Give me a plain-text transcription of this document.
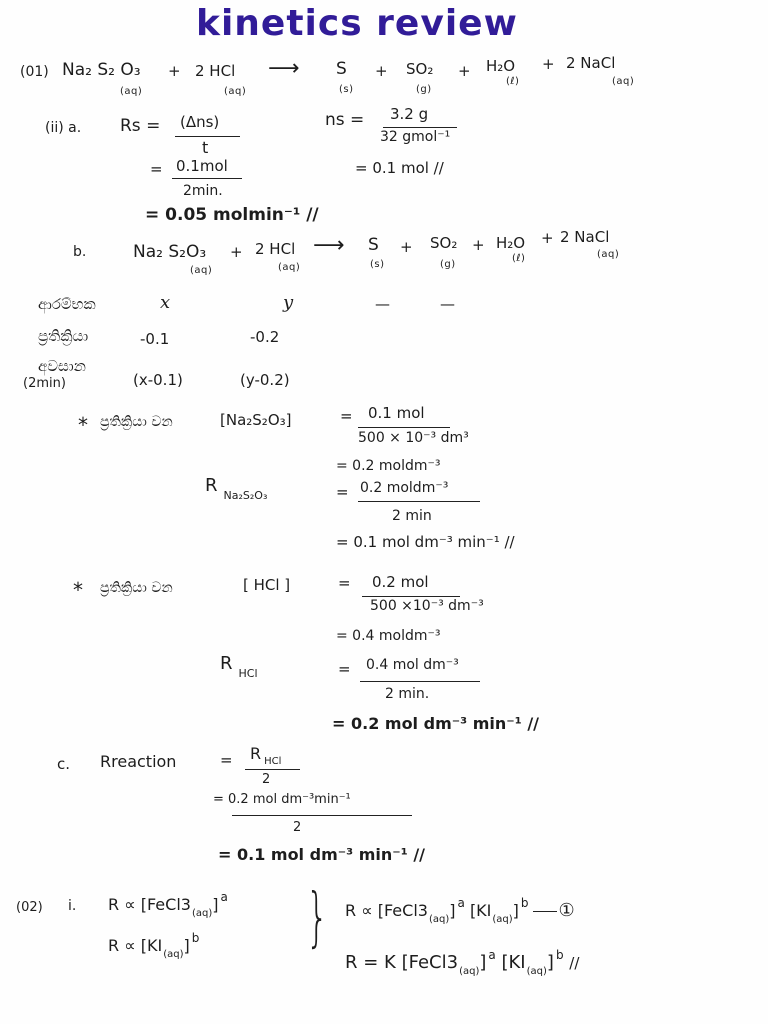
kinetics review
(01) Na₂ S₂ O₃
(aq)
+ 2 HCl
(aq)
⟶ S
(s)
+ SO₂
(g)
+ H₂O
(ℓ)
+ 2 NaCl
(aq)
(ii) a. Rs = (Δns)
t
ns = 3.2 g
32 gmol⁻¹
= 0.1mol
2min.
= 0.1 mol //
= 0.05 molmin⁻¹ //
b.	Na₂ S₂O₃
(aq)
+ 2 HCl
(aq)
⟶ S
(s)
+ SO₂
(g)
+ H₂O
(ℓ)
+ 2 NaCl
(aq)
ආරම්භක	x	y	—	—
ප්‍රතික්‍රියා	-0.1	-0.2
අවසාන
(2min)	(x-0.1)	(y-0.2)
* ප්‍රතික්‍රියා වන	[Na₂S₂O₃]	= 0.1 mol
500 × 10⁻³ dm³
= 0.2 moldm⁻³
R $_{Na_2S_2O_3}$	= 0.2 moldm⁻³
2 min
= 0.1 mol dm⁻³ min⁻¹ //
* ප්‍රතික්‍රියා වන	[ HCl ]	= 0.2 mol
500 ×10⁻³ dm⁻³
= 0.4 moldm⁻³
R $_{HCl}$	= 0.4 mol dm⁻³
2 min.
= 0.2 mol dm⁻³ min⁻¹ //
c. Rreaction	= R $_{HCl}$
2
= 0.2 mol dm⁻³min⁻¹
2
= 0.1 mol dm⁻³ min⁻¹ //
(02) i. $R \propto [FeCl3_{(aq)}]$ $^a$
$R \propto [KI_{(aq)}]$ $^b$ } $R \propto [FeCl3_{(aq)}]$ $^a$ $[KI_{(aq)}]$ $^b$ ①
R = K $[FeCl3_{(aq)}]$ $^a$ $[KI_{(aq)}]$ $^b$ //
